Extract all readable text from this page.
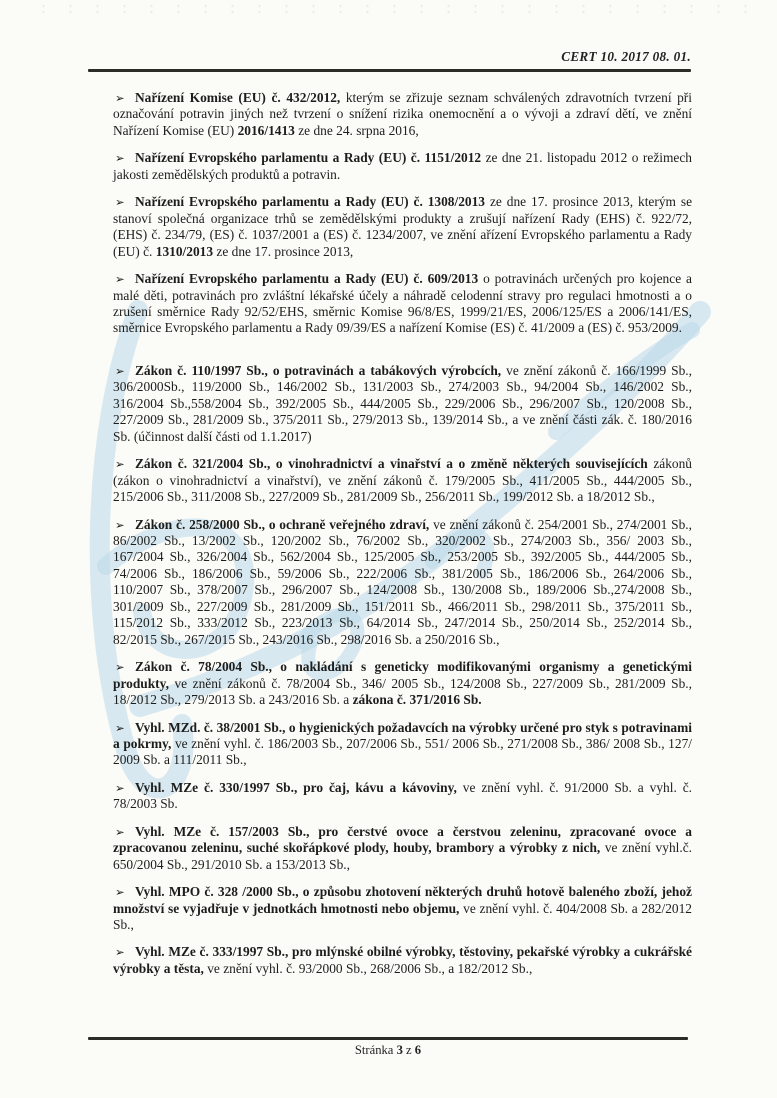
CERT 10. 2017 08. 01.
➢ Nařízení Komise (EU) č. 432/2012, kterým se zřizuje seznam schválených zdravotních tvrzení při označování potravin jiných než tvrzení o snížení rizika onemocnění a o vývoji a zdraví dětí, ve znění Nařízení Komise (EU) 2016/1413 ze dne 24. srpna 2016,
➢ Nařízení Evropského parlamentu a Rady (EU) č. 1151/2012 ze dne 21. listopadu 2012 o režimech jakosti zemědělských produktů a potravin.
➢ Nařízení Evropského parlamentu a Rady (EU) č. 1308/2013 ze dne 17. prosince 2013, kterým se stanoví společná organizace trhů se zemědělskými produkty a zrušují nařízení Rady (EHS) č. 922/72, (EHS) č. 234/79, (ES) č. 1037/2001 a (ES) č. 1234/2007, ve znění ařízení Evropského parlamentu a Rady (EU) č. 1310/2013 ze dne 17. prosince 2013,
➢ Nařízení Evropského parlamentu a Rady (EU) č. 609/2013 o potravinách určených pro kojence a malé děti, potravinách pro zvláštní lékařské účely a náhradě celodenní stravy pro regulaci hmotnosti a o zrušení směrnice Rady 92/52/EHS, směrnic Komise 96/8/ES, 1999/21/ES, 2006/125/ES a 2006/141/ES, směrnice Evropského parlamentu a Rady 09/39/ES a nařízení Komise (ES) č. 41/2009 a (ES) č. 953/2009.
➢ Zákon č. 110/1997 Sb., o potravinách a tabákových výrobcích, ve znění zákonů č. 166/1999 Sb., 306/2000Sb., 119/2000 Sb., 146/2002 Sb., 131/2003 Sb., 274/2003 Sb., 94/2004 Sb., 146/2002 Sb., 316/2004 Sb.,558/2004 Sb., 392/2005 Sb., 444/2005 Sb., 229/2006 Sb., 296/2007 Sb., 120/2008 Sb., 227/2009 Sb., 281/2009 Sb., 375/2011 Sb., 279/2013 Sb., 139/2014 Sb., a ve znění části zák. č. 180/2016 Sb. (účinnost další části od 1.1.2017)
➢ Zákon č. 321/2004 Sb., o vinohradnictví a vinařství a o změně některých souvisejících zákonů (zákon o vinohradnictví a vinařství), ve znění zákonů č. 179/2005 Sb., 411/2005 Sb., 444/2005 Sb., 215/2006 Sb., 311/2008 Sb., 227/2009 Sb., 281/2009 Sb., 256/2011 Sb., 199/2012 Sb. a 18/2012 Sb.,
➢ Zákon č. 258/2000 Sb., o ochraně veřejného zdraví, ve znění zákonů č. 254/2001 Sb., 274/2001 Sb., 86/2002 Sb., 13/2002 Sb., 120/2002 Sb., 76/2002 Sb., 320/2002 Sb., 274/2003 Sb., 356/ 2003 Sb., 167/2004 Sb., 326/2004 Sb., 562/2004 Sb., 125/2005 Sb., 253/2005 Sb., 392/2005 Sb., 444/2005 Sb., 74/2006 Sb., 186/2006 Sb., 59/2006 Sb., 222/2006 Sb., 381/2005 Sb., 186/2006 Sb., 264/2006 Sb., 110/2007 Sb., 378/2007 Sb., 296/2007 Sb., 124/2008 Sb., 130/2008 Sb., 189/2006 Sb.,274/2008 Sb., 301/2009 Sb., 227/2009 Sb., 281/2009 Sb., 151/2011 Sb., 466/2011 Sb., 298/2011 Sb., 375/2011 Sb., 115/2012 Sb., 333/2012 Sb., 223/2013 Sb., 64/2014 Sb., 247/2014 Sb., 250/2014 Sb., 252/2014 Sb., 82/2015 Sb., 267/2015 Sb., 243/2016 Sb., 298/2016 Sb. a 250/2016 Sb.,
➢ Zákon č. 78/2004 Sb., o nakládání s geneticky modifikovanými organismy a genetickými produkty, ve znění zákonů č. 78/2004 Sb., 346/ 2005 Sb., 124/2008 Sb., 227/2009 Sb., 281/2009 Sb., 18/2012 Sb., 279/2013 Sb. a 243/2016 Sb. a zákona č. 371/2016 Sb.
➢ Vyhl. MZd. č. 38/2001 Sb., o hygienických požadavcích na výrobky určené pro styk s potravinami a pokrmy, ve znění vyhl. č. 186/2003 Sb., 207/2006 Sb., 551/ 2006 Sb., 271/2008 Sb., 386/ 2008 Sb., 127/ 2009 Sb. a 111/2011 Sb.,
➢ Vyhl. MZe č. 330/1997 Sb., pro čaj, kávu a kávoviny, ve znění vyhl. č. 91/2000 Sb. a vyhl. č. 78/2003 Sb.
➢ Vyhl. MZe č. 157/2003 Sb., pro čerstvé ovoce a čerstvou zeleninu, zpracované ovoce a zpracovanou zeleninu, suché skořápkové plody, houby, brambory a výrobky z nich, ve znění vyhl.č. 650/2004 Sb., 291/2010 Sb. a 153/2013 Sb.,
➢ Vyhl. MPO č. 328 /2000 Sb., o způsobu zhotovení některých druhů hotově baleného zboží, jehož množství se vyjadřuje v jednotkách hmotnosti nebo objemu, ve znění vyhl. č. 404/2008 Sb. a 282/2012 Sb.,
➢ Vyhl. MZe č. 333/1997 Sb., pro mlýnské obilné výrobky, těstoviny, pekařské výrobky a cukrářské výrobky a těsta, ve znění vyhl. č. 93/2000 Sb., 268/2006 Sb., a 182/2012 Sb.,
Stránka 3 z 6
